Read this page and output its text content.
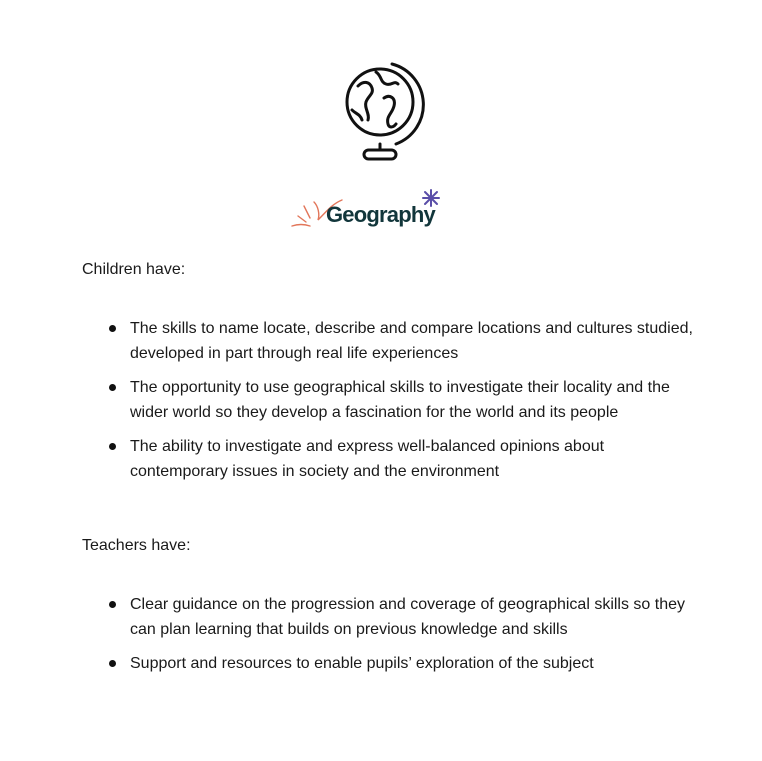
Geography

Children have:

The skills to name locate, describe and compare locations and cultures studied, developed in part through real life experiences
The opportunity to use geographical skills to investigate their locality and the wider world so they develop a fascination for the world and its people
The ability to investigate and express well-balanced opinions about contemporary issues in society and the environment

Teachers have:

Clear guidance on the progression and coverage of geographical skills so they can plan learning that builds on previous knowledge and skills
Support and resources to enable pupils’ exploration of the subject
